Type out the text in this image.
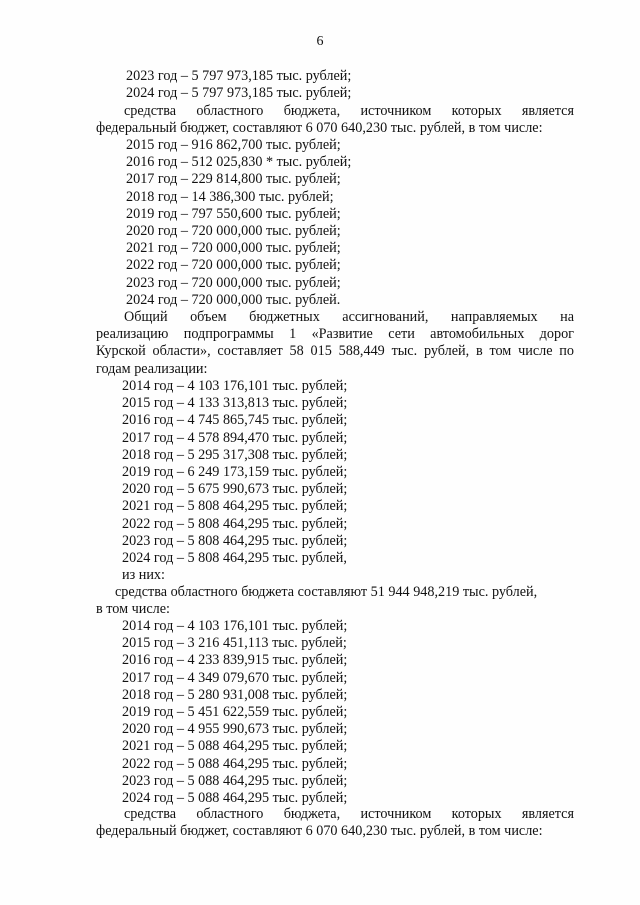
6
2023 год – 5 797 973,185 тыс. рублей;
2024 год – 5 797 973,185 тыс. рублей;
средства областного бюджета, источником которых является
федеральный бюджет, составляют 6 070 640,230 тыс. рублей, в том числе:
2015 год – 916 862,700 тыс. рублей;
2016 год – 512 025,830 * тыс. рублей;
2017 год – 229 814,800 тыс. рублей;
2018 год – 14 386,300 тыс. рублей;
2019 год – 797 550,600 тыс. рублей;
2020 год – 720 000,000 тыс. рублей;
2021 год – 720 000,000 тыс. рублей;
2022 год – 720 000,000 тыс. рублей;
2023 год – 720 000,000 тыс. рублей;
2024 год – 720 000,000 тыс. рублей.
Общий объем бюджетных ассигнований, направляемых на
реализацию подпрограммы 1 «Развитие сети автомобильных дорог
Курской области», составляет 58 015 588,449 тыс. рублей, в том числе по
годам реализации:
2014 год – 4 103 176,101 тыс. рублей;
2015 год – 4 133 313,813 тыс. рублей;
2016 год – 4 745 865,745 тыс. рублей;
2017 год – 4 578 894,470 тыс. рублей;
2018 год – 5 295 317,308 тыс. рублей;
2019 год – 6 249 173,159 тыс. рублей;
2020 год – 5 675 990,673 тыс. рублей;
2021 год – 5 808 464,295 тыс. рублей;
2022 год – 5 808 464,295 тыс. рублей;
2023 год – 5 808 464,295 тыс. рублей;
2024 год – 5 808 464,295 тыс. рублей,
из них:
средства областного бюджета составляют 51 944 948,219 тыс. рублей,
в том числе:
2014 год – 4 103 176,101 тыс. рублей;
2015 год – 3 216 451,113 тыс. рублей;
2016 год – 4 233 839,915 тыс. рублей;
2017 год – 4 349 079,670 тыс. рублей;
2018 год – 5 280 931,008 тыс. рублей;
2019 год – 5 451 622,559 тыс. рублей;
2020 год – 4 955 990,673 тыс. рублей;
2021 год – 5 088 464,295 тыс. рублей;
2022 год – 5 088 464,295 тыс. рублей;
2023 год – 5 088 464,295 тыс. рублей;
2024 год – 5 088 464,295 тыс. рублей;
средства областного бюджета, источником которых является
федеральный бюджет, составляют 6 070 640,230 тыс. рублей, в том числе:
